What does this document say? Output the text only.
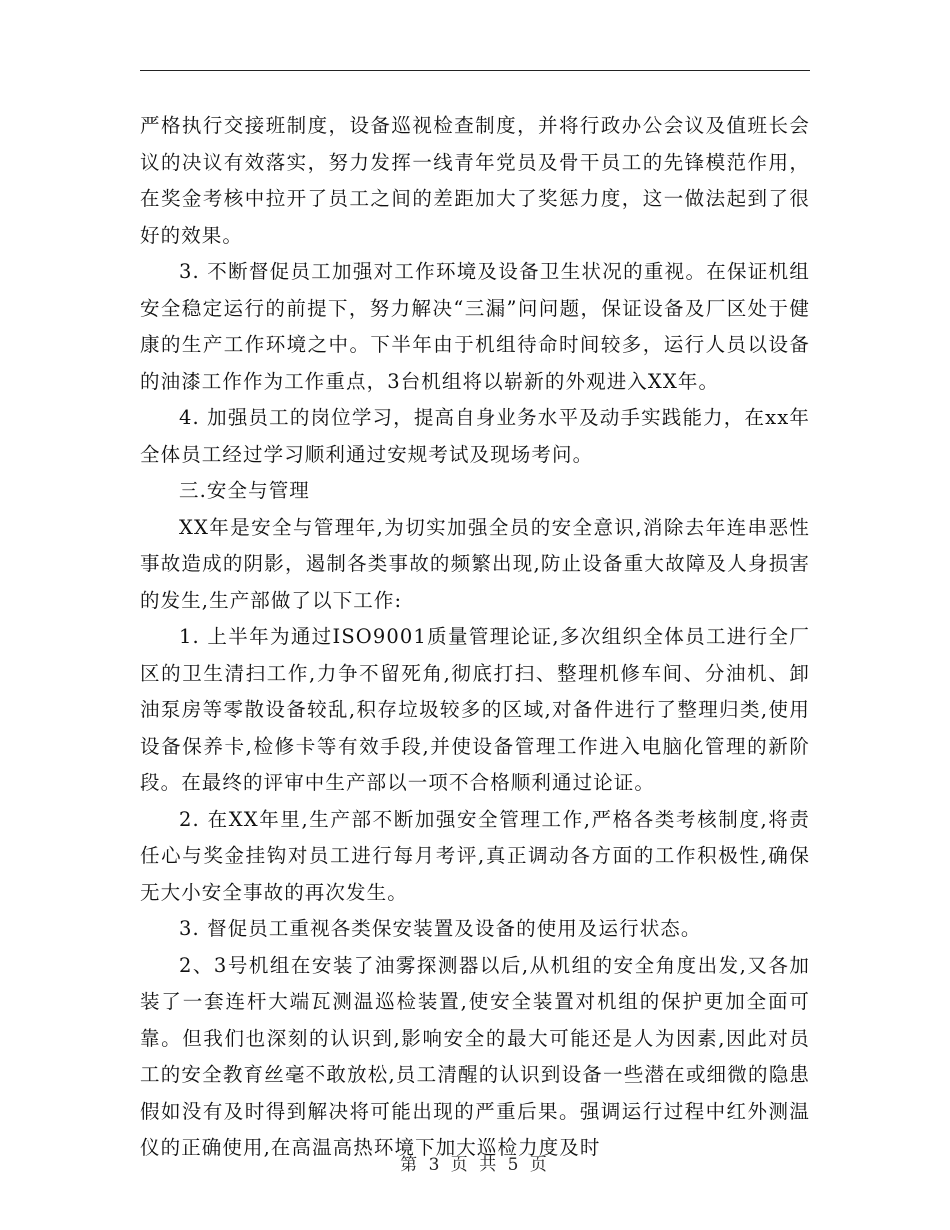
严格执行交接班制度，设备巡视检查制度，并将行政办公会议及值班长会议的决议有效落实，努力发挥一线青年党员及骨干员工的先锋模范作用，在奖金考核中拉开了员工之间的差距加大了奖惩力度，这一做法起到了很好的效果。

3. 不断督促员工加强对工作环境及设备卫生状况的重视。在保证机组安全稳定运行的前提下，努力解决“三漏”问问题，保证设备及厂区处于健康的生产工作环境之中。下半年由于机组待命时间较多，运行人员以设备的油漆工作作为工作重点，3台机组将以崭新的外观进入XX年。

4. 加强员工的岗位学习，提高自身业务水平及动手实践能力，在xx年全体员工经过学习顺利通过安规考试及现场考问。

三.安全与管理

XX年是安全与管理年,为切实加强全员的安全意识,消除去年连串恶性事故造成的阴影，遏制各类事故的频繁出现,防止设备重大故障及人身损害的发生,生产部做了以下工作:

1. 上半年为通过ISO9001质量管理论证,多次组织全体员工进行全厂区的卫生清扫工作,力争不留死角,彻底打扫、整理机修车间、分油机、卸油泵房等零散设备较乱,积存垃圾较多的区域,对备件进行了整理归类,使用设备保养卡,检修卡等有效手段,并使设备管理工作进入电脑化管理的新阶段。在最终的评审中生产部以一项不合格顺利通过论证。

2. 在XX年里,生产部不断加强安全管理工作,严格各类考核制度,将责任心与奖金挂钩对员工进行每月考评,真正调动各方面的工作积极性,确保无大小安全事故的再次发生。

3. 督促员工重视各类保安装置及设备的使用及运行状态。

2、3号机组在安装了油雾探测器以后,从机组的安全角度出发,又各加装了一套连杆大端瓦测温巡检装置,使安全装置对机组的保护更加全面可靠。但我们也深刻的认识到,影响安全的最大可能还是人为因素,因此对员工的安全教育丝毫不敢放松,员工清醒的认识到设备一些潜在或细微的隐患假如没有及时得到解决将可能出现的严重后果。强调运行过程中红外测温仪的正确使用,在高温高热环境下加大巡检力度及时

第 3 页 共 5 页
